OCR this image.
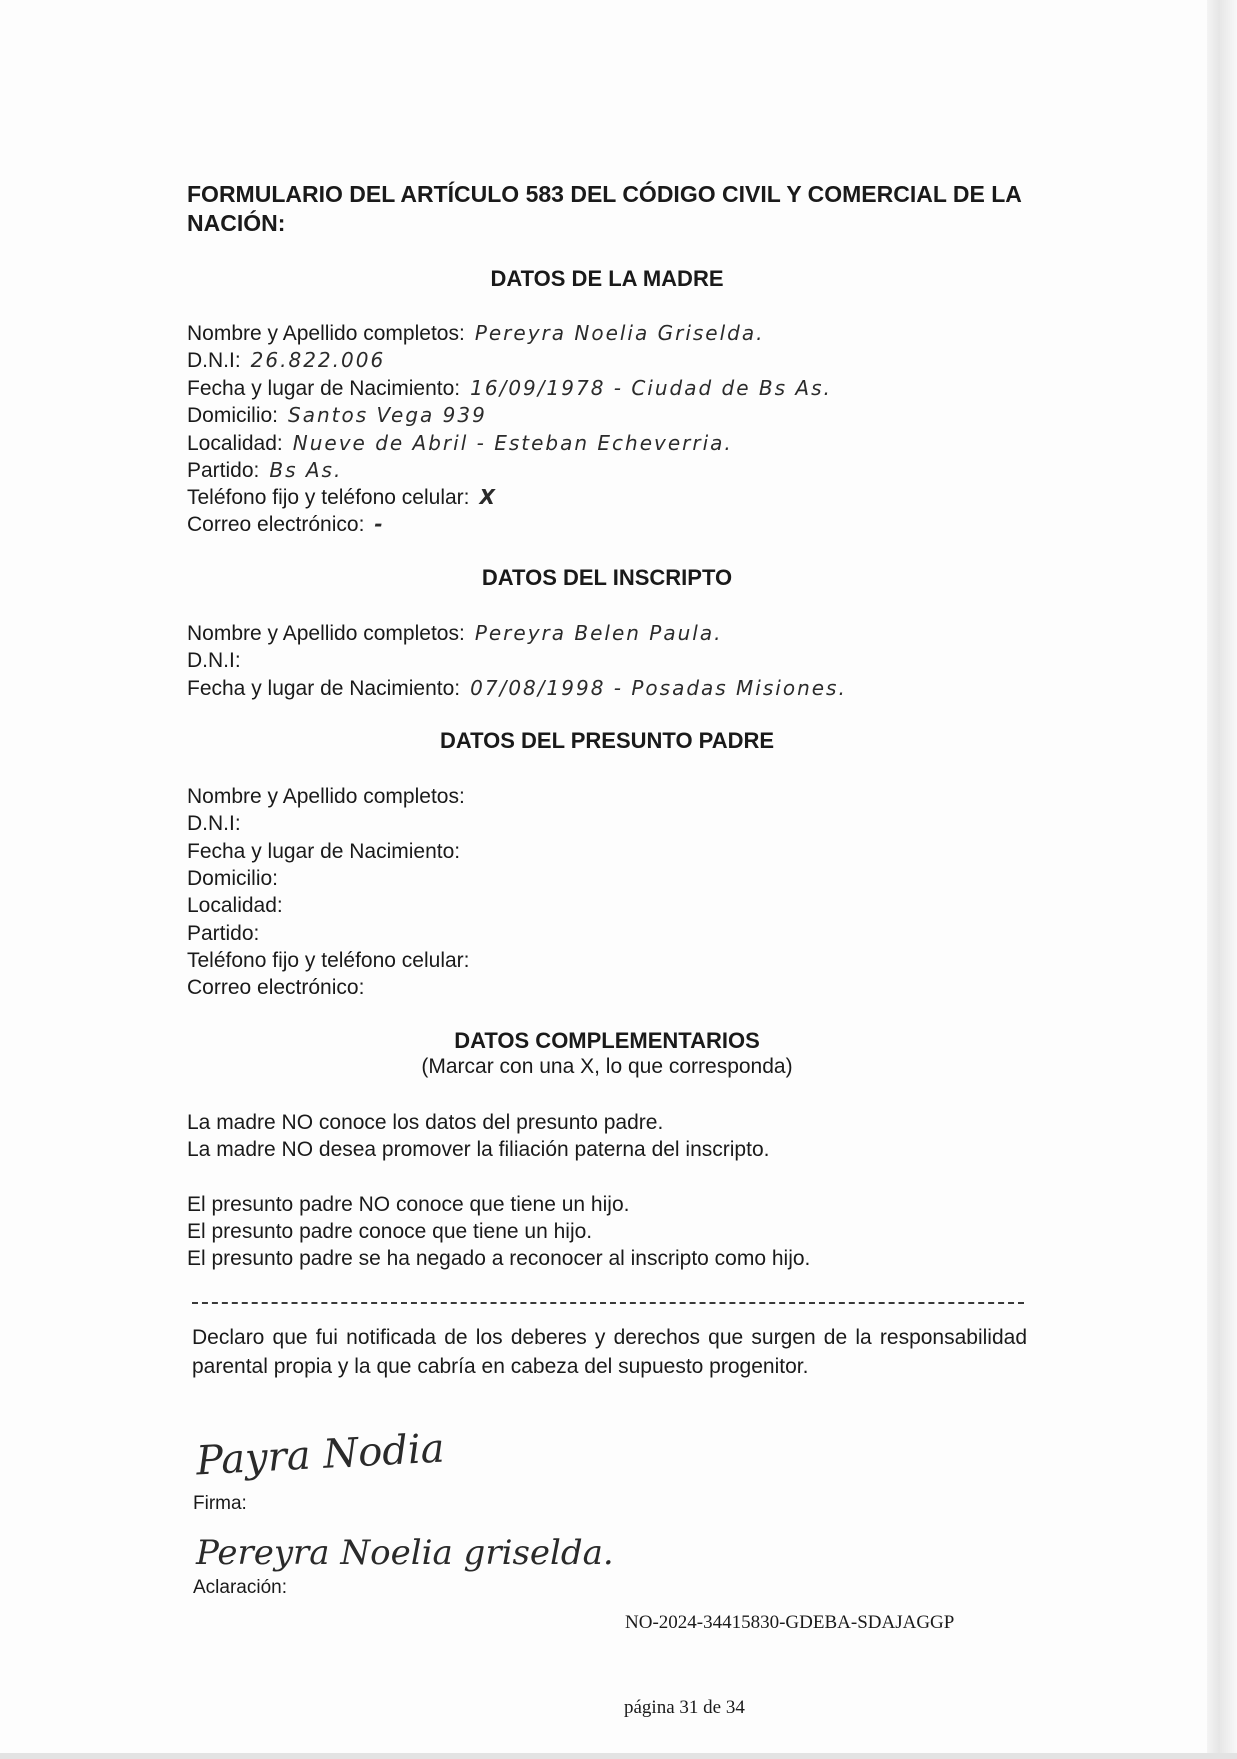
FORMULARIO DEL ARTÍCULO 583 DEL CÓDIGO CIVIL Y COMERCIAL DE LA NACIÓN:
DATOS DE LA MADRE
Nombre y Apellido completos: Pereyra Noelia Griselda.
D.N.I: 26.822.006
Fecha y lugar de Nacimiento: 16/09/1978 - Ciudad de Bs As.
Domicilio: Santos Vega 939
Localidad: Nueve de Abril - Esteban Echeverria.
Partido: Bs As.
Teléfono fijo y teléfono celular: X
Correo electrónico: -
DATOS DEL INSCRIPTO
Nombre y Apellido completos: Pereyra Belen Paula.
D.N.I:
Fecha y lugar de Nacimiento: 07/08/1998 - Posadas Misiones.
DATOS DEL PRESUNTO PADRE
Nombre y Apellido completos:
D.N.I:
Fecha y lugar de Nacimiento:
Domicilio:
Localidad:
Partido:
Teléfono fijo y teléfono celular:
Correo electrónico:
DATOS COMPLEMENTARIOS
(Marcar con una X, lo que corresponda)
La madre NO conoce los datos del presunto padre.
La madre NO desea promover la filiación paterna del inscripto.
El presunto padre NO conoce que tiene un hijo.
El presunto padre conoce que tiene un hijo.
El presunto padre se ha negado a reconocer al inscripto como hijo.
Declaro que fui notificada de los deberes y derechos que surgen de la responsabilidad parental propia y la que cabría en cabeza del supuesto progenitor.
Payra Nodia
Firma:
Pereyra Noelia griselda.
Aclaración:
NO-2024-34415830-GDEBA-SDAJAGGP
página 31 de 34
